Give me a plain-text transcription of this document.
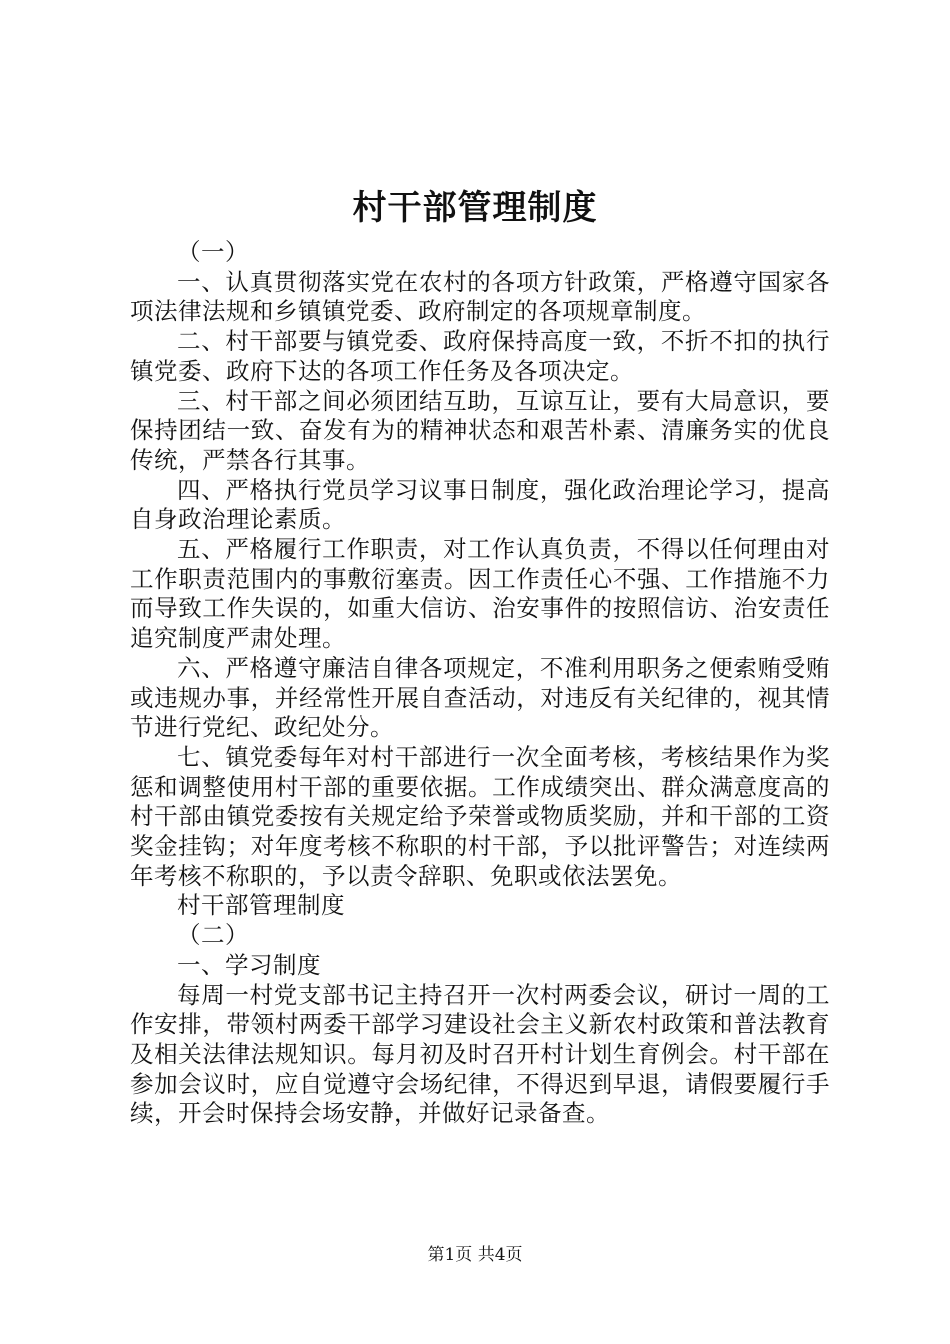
村干部管理制度

（一）

一、认真贯彻落实党在农村的各项方针政策，严格遵守国家各项法律法规和乡镇镇党委、政府制定的各项规章制度。

二、村干部要与镇党委、政府保持高度一致，不折不扣的执行镇党委、政府下达的各项工作任务及各项决定。

三、村干部之间必须团结互助，互谅互让，要有大局意识，要保持团结一致、奋发有为的精神状态和艰苦朴素、清廉务实的优良传统，严禁各行其事。

四、严格执行党员学习议事日制度，强化政治理论学习，提高自身政治理论素质。

五、严格履行工作职责，对工作认真负责，不得以任何理由对工作职责范围内的事敷衍塞责。因工作责任心不强、工作措施不力而导致工作失误的，如重大信访、治安事件的按照信访、治安责任追究制度严肃处理。

六、严格遵守廉洁自律各项规定，不准利用职务之便索贿受贿或违规办事，并经常性开展自查活动，对违反有关纪律的，视其情节进行党纪、政纪处分。

七、镇党委每年对村干部进行一次全面考核，考核结果作为奖惩和调整使用村干部的重要依据。工作成绩突出、群众满意度高的村干部由镇党委按有关规定给予荣誉或物质奖励，并和干部的工资奖金挂钩；对年度考核不称职的村干部，予以批评警告；对连续两年考核不称职的，予以责令辞职、免职或依法罢免。

村干部管理制度

（二）

一、学习制度

每周一村党支部书记主持召开一次村两委会议，研讨一周的工作安排，带领村两委干部学习建设社会主义新农村政策和普法教育及相关法律法规知识。每月初及时召开村计划生育例会。村干部在参加会议时，应自觉遵守会场纪律，不得迟到早退，请假要履行手续，开会时保持会场安静，并做好记录备查。

第1页 共4页
